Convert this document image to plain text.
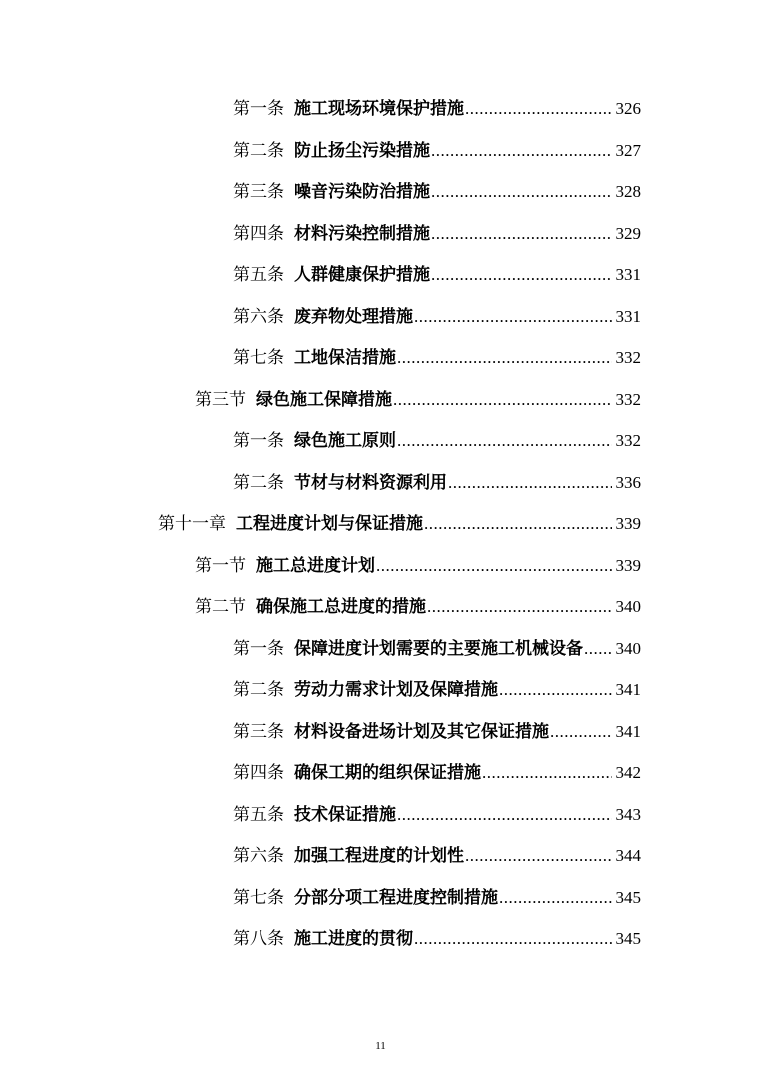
第一条 施工现场环境保护措施 .....	326
第二条 防止扬尘污染措施 .....	327
第三条 噪音污染防治措施 .....	328
第四条 材料污染控制措施 .....	329
第五条 人群健康保护措施 .....	331
第六条 废弃物处理措施 .....	331
第七条 工地保洁措施 .....	332
第三节 绿色施工保障措施 .....	332
第一条 绿色施工原则 .....	332
第二条 节材与材料资源利用 .....	336
第十一章 工程进度计划与保证措施 .....	339
第一节 施工总进度计划 .....	339
第二节 确保施工总进度的措施 .....	340
第一条 保障进度计划需要的主要施工机械设备 ..... 340
第二条 劳动力需求计划及保障措施 .....	341
第三条 材料设备进场计划及其它保证措施 .....	341
第四条 确保工期的组织保证措施 .....	342
第五条 技术保证措施 .....	343
第六条 加强工程进度的计划性 .....	344
第七条 分部分项工程进度控制措施 .....	345
第八条 施工进度的贯彻 .....	345
11
